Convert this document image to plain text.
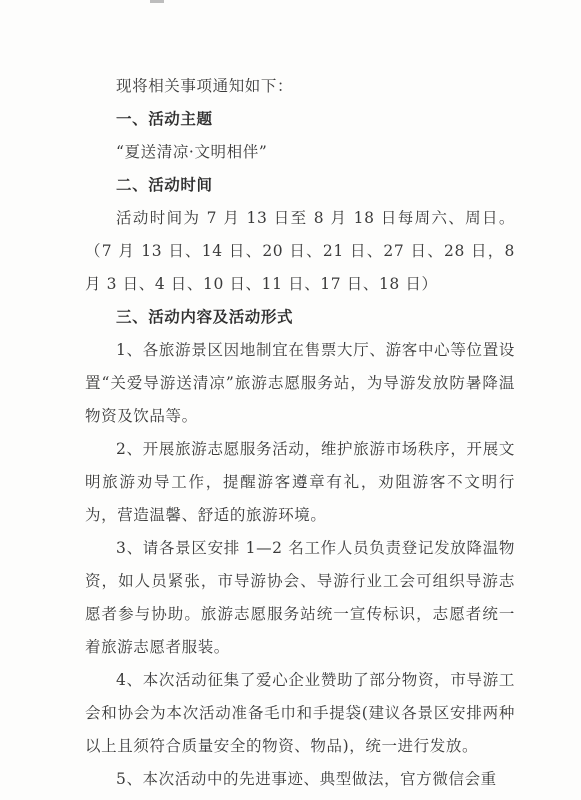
现将相关事项通知如下：

一、活动主题

“夏送清凉·文明相伴”

二、活动时间

活动时间为 7 月 13 日至 8 月 18 日每周六、周日。（7 月 13 日、14 日、20 日、21 日、27 日、28 日，8 月 3 日、4 日、10 日、11 日、17 日、18 日）

三、活动内容及活动形式

1、各旅游景区因地制宜在售票大厅、游客中心等位置设置“关爱导游送清凉”旅游志愿服务站，为导游发放防暑降温物资及饮品等。

2、开展旅游志愿服务活动，维护旅游市场秩序，开展文明旅游劝导工作，提醒游客遵章有礼，劝阻游客不文明行为，营造温馨、舒适的旅游环境。

3、请各景区安排 1—2 名工作人员负责登记发放降温物资，如人员紧张，市导游协会、导游行业工会可组织导游志愿者参与协助。旅游志愿服务站统一宣传标识，志愿者统一着旅游志愿者服装。

4、本次活动征集了爱心企业赞助了部分物资，市导游工会和协会为本次活动准备毛巾和手提袋(建议各景区安排两种以上且须符合质量安全的物资、物品)，统一进行发放。

5、本次活动中的先进事迹、典型做法，官方微信会重
